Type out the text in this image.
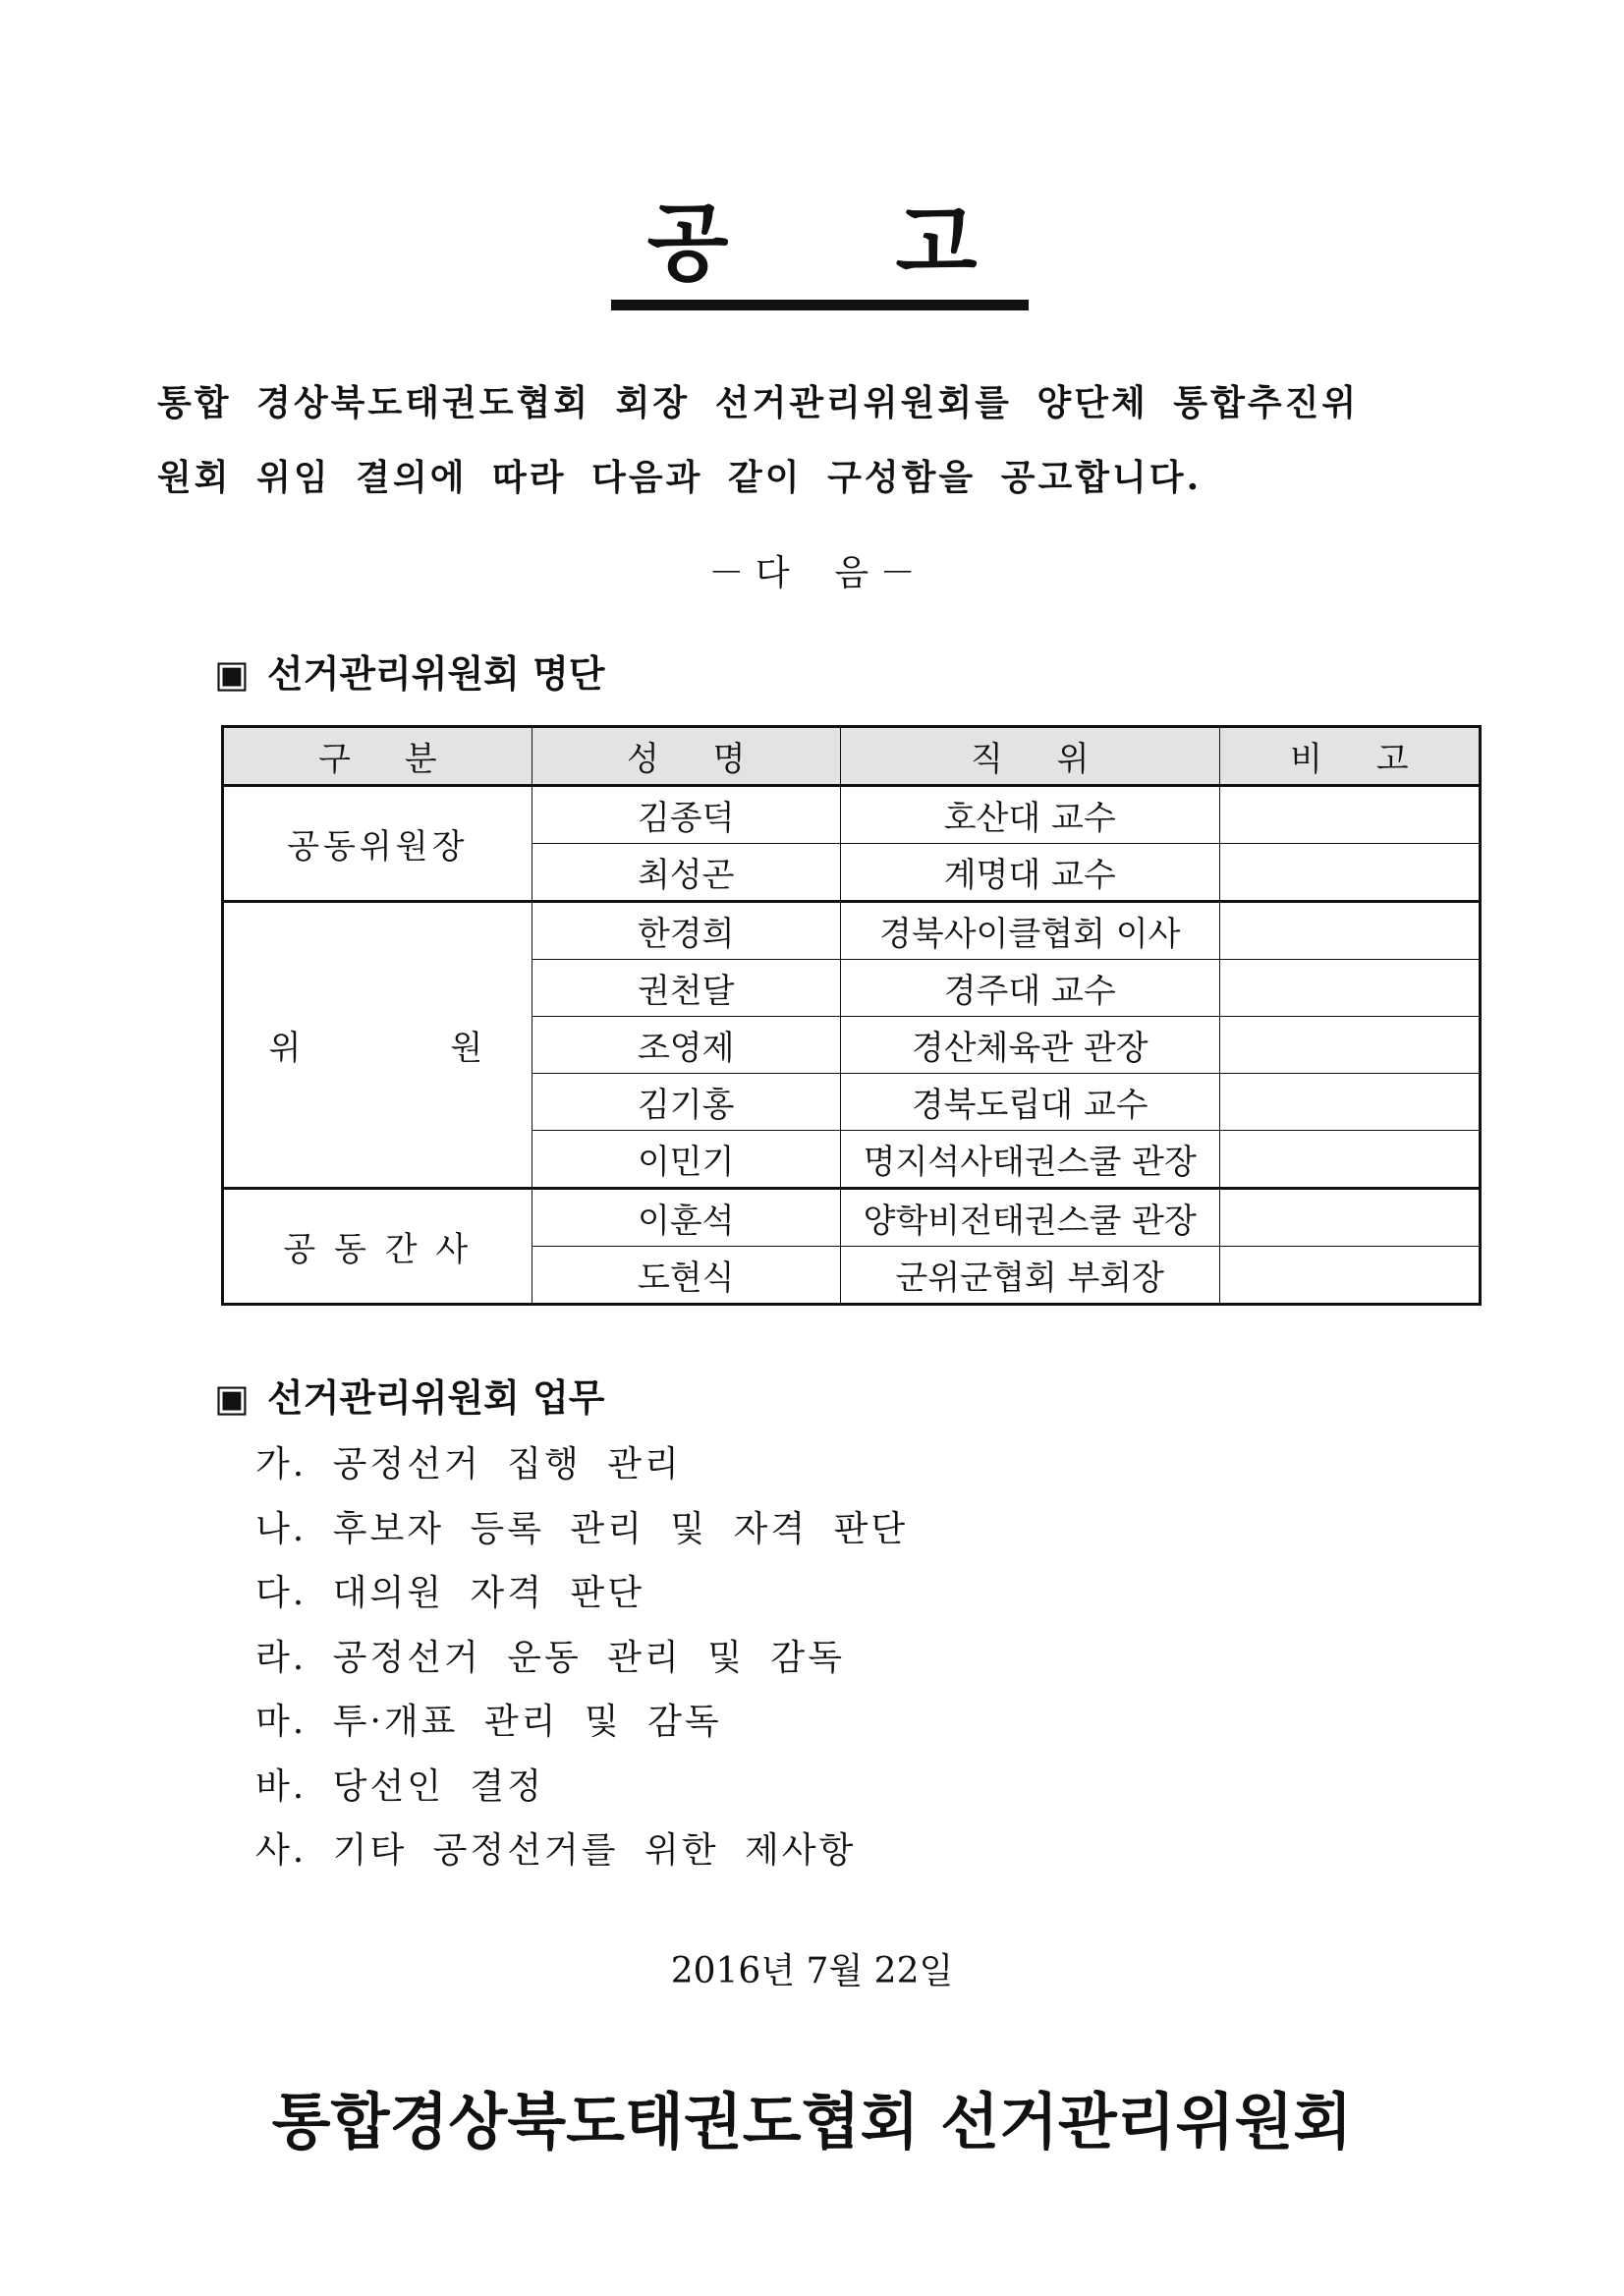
공 고
통합 경상북도태권도협회 회장 선거관리위원회를 양단체 통합추진위
원회 위임 결의에 따라 다음과 같이 구성함을 공고합니다.
－ 다    음 －
▣ 선거관리위원회 명단
구 분	성 명	직 위	비 고
공동위원장	김종덕	호산대 교수	
	최성곤	계명대 교수	
위          원	한경희	경북사이클협회 이사	
	권천달	경주대 교수	
	조영제	경산체육관 관장	
	김기홍	경북도립대 교수	
	이민기	명지석사태권스쿨 관장	
공 동 간 사	이훈석	양학비전태권스쿨 관장	
	도현식	군위군협회 부회장	
▣ 선거관리위원회 업무
가. 공정선거 집행 관리
나. 후보자 등록 관리 및 자격 판단
다. 대의원 자격 판단
라. 공정선거 운동 관리 및 감독
마. 투·개표 관리 및 감독
바. 당선인 결정
사. 기타 공정선거를 위한 제사항
2016년 7월 22일
통합경상북도태권도협회 선거관리위원회
